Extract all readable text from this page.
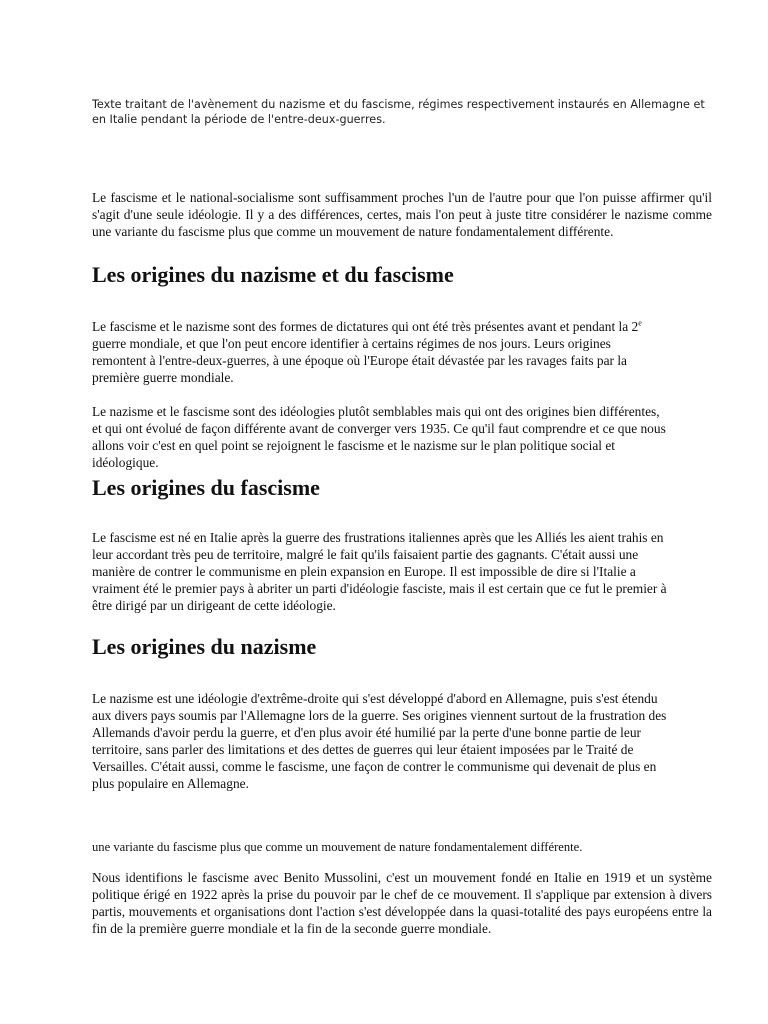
Texte traitant de l'avènement du nazisme et du fascisme, régimes respectivement instaurés en Allemagne et en Italie pendant la période de l'entre-deux-guerres.

Le fascisme et le national-socialisme sont suffisamment proches l'un de l'autre pour que l'on puisse affirmer qu'il s'agit d'une seule idéologie. Il y a des différences, certes, mais l'on peut à juste titre considérer le nazisme comme une variante du fascisme plus que comme un mouvement de nature fondamentalement différente.

Les origines du nazisme et du fascisme

Le fascisme et le nazisme sont des formes de dictatures qui ont été très présentes avant et pendant la 2e guerre mondiale, et que l'on peut encore identifier à certains régimes de nos jours. Leurs origines remontent à l'entre-deux-guerres, à une époque où l'Europe était dévastée par les ravages faits par la première guerre mondiale.

Le nazisme et le fascisme sont des idéologies plutôt semblables mais qui ont des origines bien différentes, et qui ont évolué de façon différente avant de converger vers 1935. Ce qu'il faut comprendre et ce que nous allons voir c'est en quel point se rejoignent le fascisme et le nazisme sur le plan politique social et idéologique.

Les origines du fascisme

Le fascisme est né en Italie après la guerre des frustrations italiennes après que les Alliés les aient trahis en leur accordant très peu de territoire, malgré le fait qu'ils faisaient partie des gagnants. C'était aussi une manière de contrer le communisme en plein expansion en Europe. Il est impossible de dire si l'Italie a vraiment été le premier pays à abriter un parti d'idéologie fasciste, mais il est certain que ce fut le premier à être dirigé par un dirigeant de cette idéologie.

Les origines du nazisme

Le nazisme est une idéologie d'extrême-droite qui s'est développé d'abord en Allemagne, puis s'est étendu aux divers pays soumis par l'Allemagne lors de la guerre. Ses origines viennent surtout de la frustration des Allemands d'avoir perdu la guerre, et d'en plus avoir été humilié par la perte d'une bonne partie de leur territoire, sans parler des limitations et des dettes de guerres qui leur étaient imposées par le Traité de Versailles. C'était aussi, comme le fascisme, une façon de contrer le communisme qui devenait de plus en plus populaire en Allemagne.

une variante du fascisme plus que comme un mouvement de nature fondamentalement différente.

Nous identifions le fascisme avec Benito Mussolini, c'est un mouvement fondé en Italie en 1919 et un système politique érigé en 1922 après la prise du pouvoir par le chef de ce mouvement. Il s'applique par extension à divers partis, mouvements et organisations dont l'action s'est développée dans la quasi-totalité des pays européens entre la fin de la première guerre mondiale et la fin de la seconde guerre mondiale.
